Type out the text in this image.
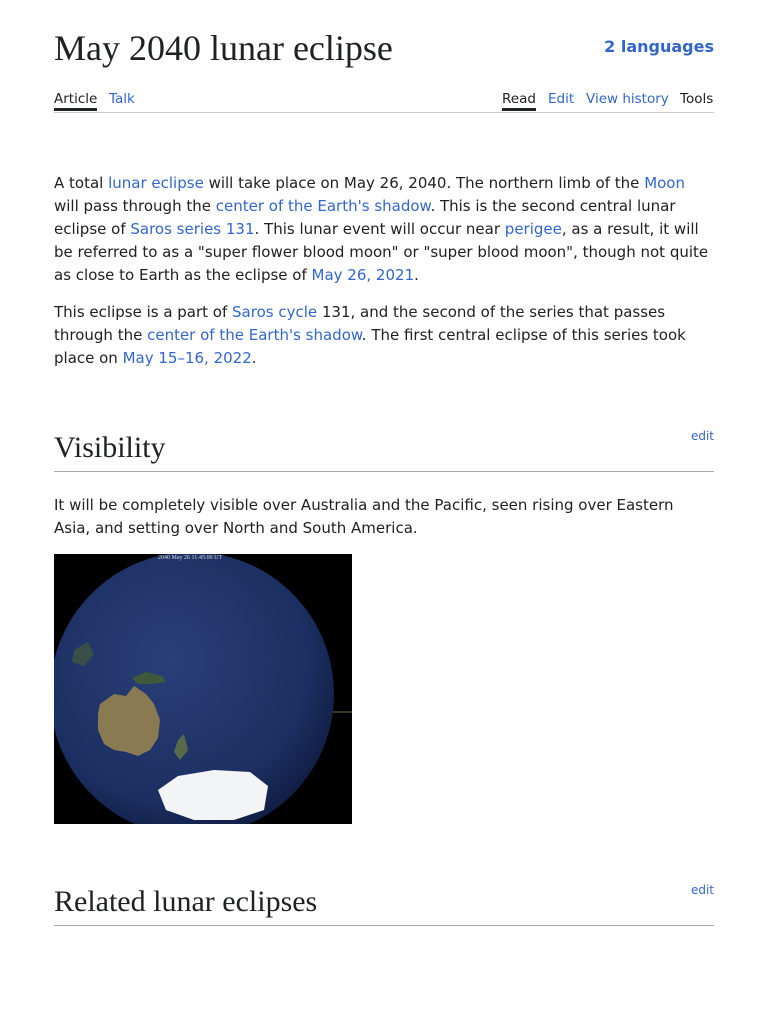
May 2040 lunar eclipse	2 languages
Article Talk	Read Edit View history Tools

A total lunar eclipse will take place on May 26, 2040. The northern limb of the Moon will pass through the center of the Earth's shadow. This is the second central lunar eclipse of Saros series 131. This lunar event will occur near perigee, as a result, it will be referred to as a "super flower blood moon" or "super blood moon", though not quite as close to Earth as the eclipse of May 26, 2021.

This eclipse is a part of Saros cycle 131, and the second of the series that passes through the center of the Earth's shadow. The first central eclipse of this series took place on May 15–16, 2022.

Visibility	edit

It will be completely visible over Australia and the Pacific, seen rising over Eastern Asia, and setting over North and South America.

2040 May 26 11:45:00 UT
Related lunar eclipses	edit
